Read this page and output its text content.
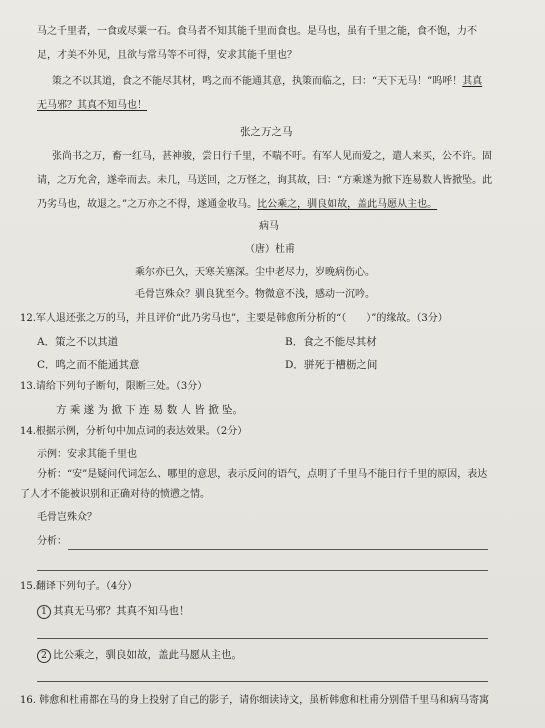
马之千里者，一食或尽粟一石。食马者不知其能千里而食也。是马也，虽有千里之能，食不饱，力不
足，才美不外见，且欲与常马等不可得，安求其能千里也？
策之不以其道，食之不能尽其材，鸣之而不能通其意，执策而临之，曰：“天下无马！”呜呼！其真
无马邪？其真不知马也！
张之万之马
张尚书之万，畜一红马，甚神骏，尝日行千里，不喘不吁。有军人见而爱之，遣人来买，公不许。固
请，之万允舍，遂牵而去。未几，马送回，之万怪之，询其故，曰：“方乘遂为掀下连易数人皆掀坠。此
乃劣马也，故退之。”之万亦之不得，遂通金收马。比公乘之，驯良如故，盖此马愿从主也。
病马
（唐）杜甫
乘尔亦已久，天寒关塞深。尘中老尽力，岁晚病伤心。
毛骨岂殊众？驯良犹至今。物微意不浅，感动一沉吟。
12.军人退还张之万的马，并且评价“此乃劣马也”，主要是韩愈所分析的“（　　）”的缘故。（3分）
A．策之不以其道	B．食之不能尽其材
C．鸣之而不能通其意	D．骈死于槽枥之间
13.请给下列句子断句，限断三处。（3分）
方 乘 遂 为 掀 下 连 易 数 人 皆 掀 坠。
14.根据示例，分析句中加点词的表达效果。（2分）
示例：安求其能千里也
分析：“安”是疑问代词怎么、哪里的意思，表示反问的语气，点明了千里马不能日行千里的原因，表达
了人才不能被识别和正确对待的愤懑之情。
毛骨岂殊众？
分析：
15.翻译下列句子。（4分）
1 其真无马邪？其真不知马也！
2 比公乘之，驯良如故，盖此马愿从主也。
16. 韩愈和杜甫都在马的身上投射了自己的影子，请你细读诗文，虽析韩愈和杜甫分别借千里马和病马寄寓
